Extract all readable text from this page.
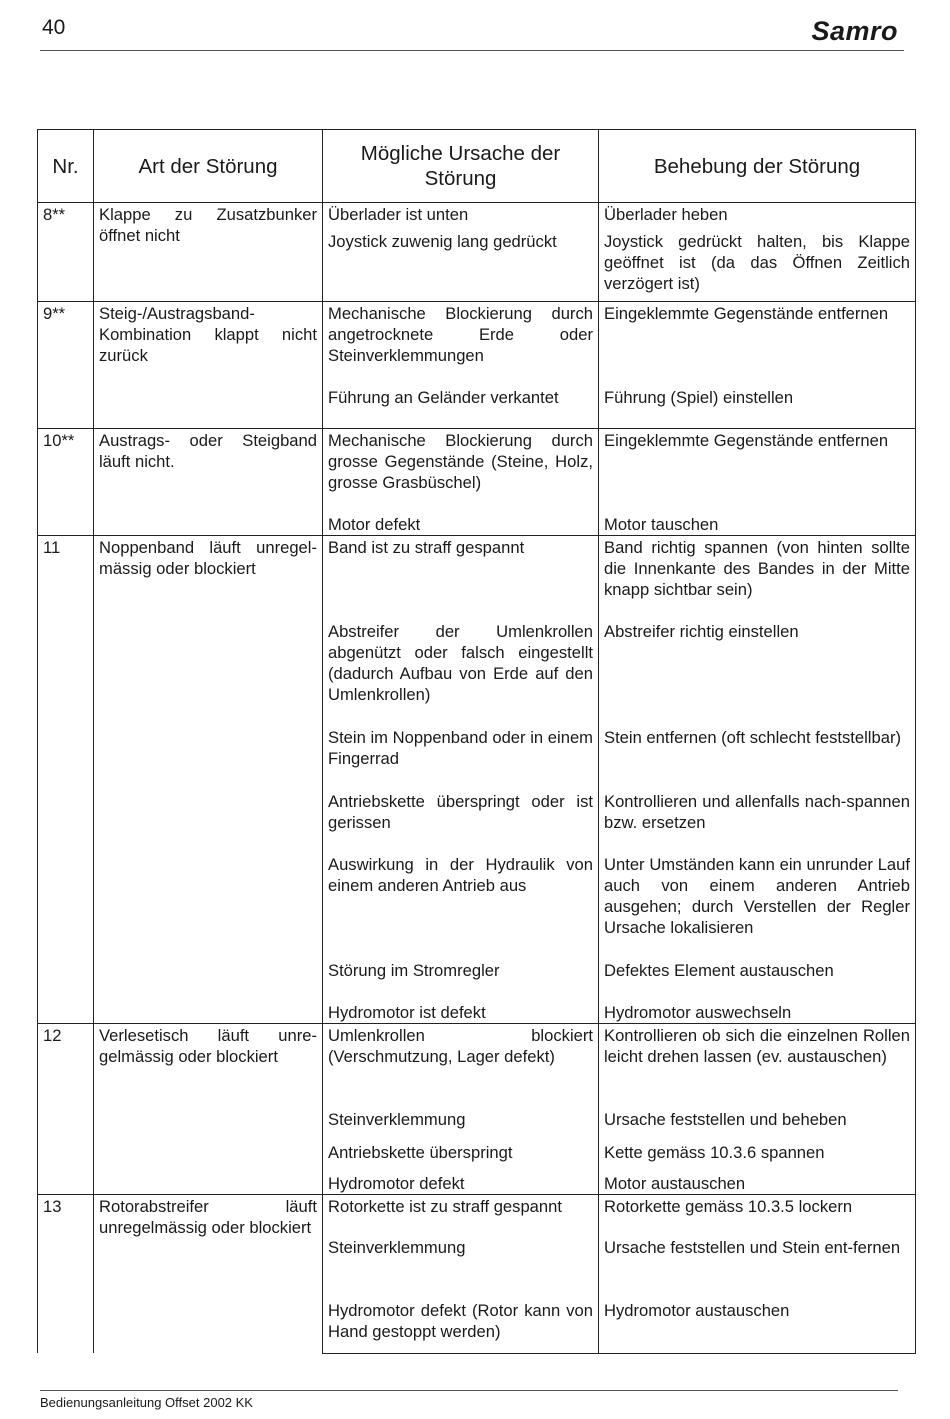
40	Samro
Nr.	Art der Störung	Mögliche Ursache der Störung	Behebung der Störung
8**	Klappe zu Zusatzbunker öffnet nicht	Überlader ist unten	Überlader heben
		Joystick zuwenig lang gedrückt	Joystick gedrückt halten, bis Klappe geöffnet ist (da das Öffnen Zeitlich verzögert ist)
9**	Steig-/Austragsband-Kombination klappt nicht zurück	Mechanische Blockierung durch angetrocknete Erde oder Steinverklemmungen	Eingeklemmte Gegenstände entfernen
		Führung an Geländer verkantet	Führung (Spiel) einstellen
10**	Austrags- oder Steigband läuft nicht.	Mechanische Blockierung durch grosse Gegenstände (Steine, Holz, grosse Grasbüschel)	Eingeklemmte Gegenstände entfernen
		Motor defekt	Motor tauschen
11	Noppenband läuft unregel-mässig oder blockiert	Band ist zu straff gespannt	Band richtig spannen (von hinten sollte die Innenkante des Bandes in der Mitte knapp sichtbar sein)
		Abstreifer der Umlenkrollen abgenützt oder falsch eingestellt (dadurch Aufbau von Erde auf den Umlenkrollen)	Abstreifer richtig einstellen
		Stein im Noppenband oder in einem Fingerrad	Stein entfernen (oft schlecht feststellbar)
		Antriebskette überspringt oder ist gerissen	Kontrollieren und allenfalls nach-spannen bzw. ersetzen
		Auswirkung in der Hydraulik von einem anderen Antrieb aus	Unter Umständen kann ein unrunder Lauf auch von einem anderen Antrieb ausgehen; durch Verstellen der Regler Ursache lokalisieren
		Störung im Stromregler	Defektes Element austauschen
		Hydromotor ist defekt	Hydromotor auswechseln
12	Verlesetisch läuft unre-gelmässig oder blockiert	Umlenkrollen blockiert (Verschmutzung, Lager defekt)	Kontrollieren ob sich die einzelnen Rollen leicht drehen lassen (ev. austauschen)
		Steinverklemmung	Ursache feststellen und beheben
		Antriebskette überspringt	Kette gemäss 10.3.6 spannen
		Hydromotor defekt	Motor austauschen
13	Rotorabstreifer läuft unregelmässig oder blockiert	Rotorkette ist zu straff gespannt	Rotorkette gemäss 10.3.5 lockern
		Steinverklemmung	Ursache feststellen und Stein ent-fernen
		Hydromotor defekt (Rotor kann von Hand gestoppt werden)	Hydromotor austauschen
Bedienungsanleitung Offset 2002 KK
